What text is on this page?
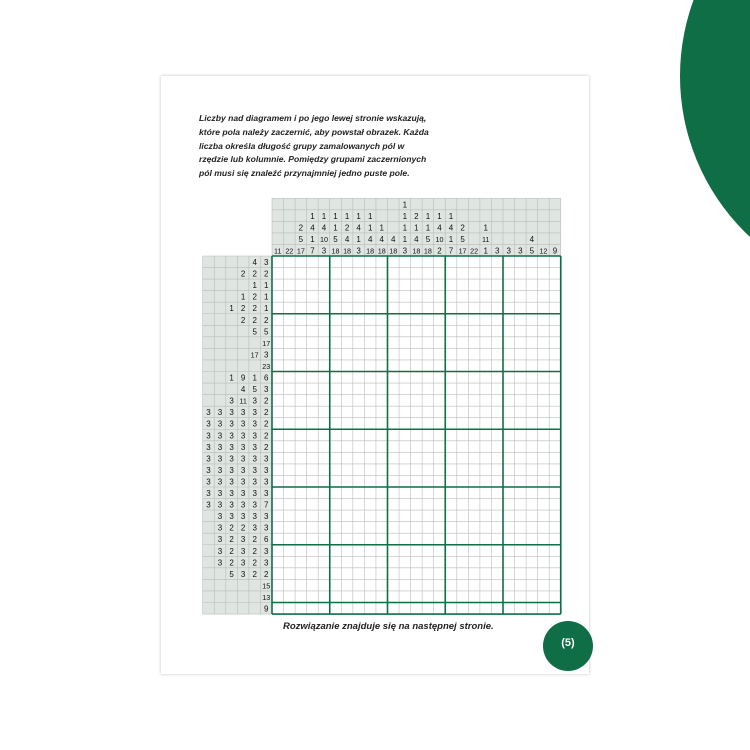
Nonogram (obrazek logiczny)
Liczby nad diagramem i po jego lewej stronie wskazują, które pola należy zaczernić, aby powstał obrazek. Każda liczba określa długość grupy zamalowanych pól w rzędzie lub kolumnie. Pomiędzy grupami zaczernionych pól musi się znaleźć przynajmniej jedno puste pole.
11 22
2
5
17
1
4
1
7
1
4
10
3
1
1
5
18
1
2
4
18
1
4
1
3
1
1
4
18
1
4
18
4
18
1
1
1
1
3
2
1
4
18
1
1
5
18
1
4
10
2
1
4
1
7
2
5
17 22
1
11
1 3 3 3
4
5 12 9
4 3
2 2 2
1 1
1 2 1
1 2 2 1
2 2 2
5 5
17
17 3
23
1 9 1 6
4 5 3
3 11 3 2
3 3 3 3 3 2
3 3 3 3 3 2
3 3 3 3 3 2
3 3 3 3 3 2
3 3 3 3 3 3
3 3 3 3 3 3
3 3 3 3 3 3
3 3 3 3 3 3
3 3 3 3 3 7
3 3 3 3 3
3 2 2 3 3
3 2 3 2 6
3 2 3 2 3
3 2 3 2 3
5 3 2 2
15
13
9
Rozwiązanie znajduje się na następnej stronie.
(5)
